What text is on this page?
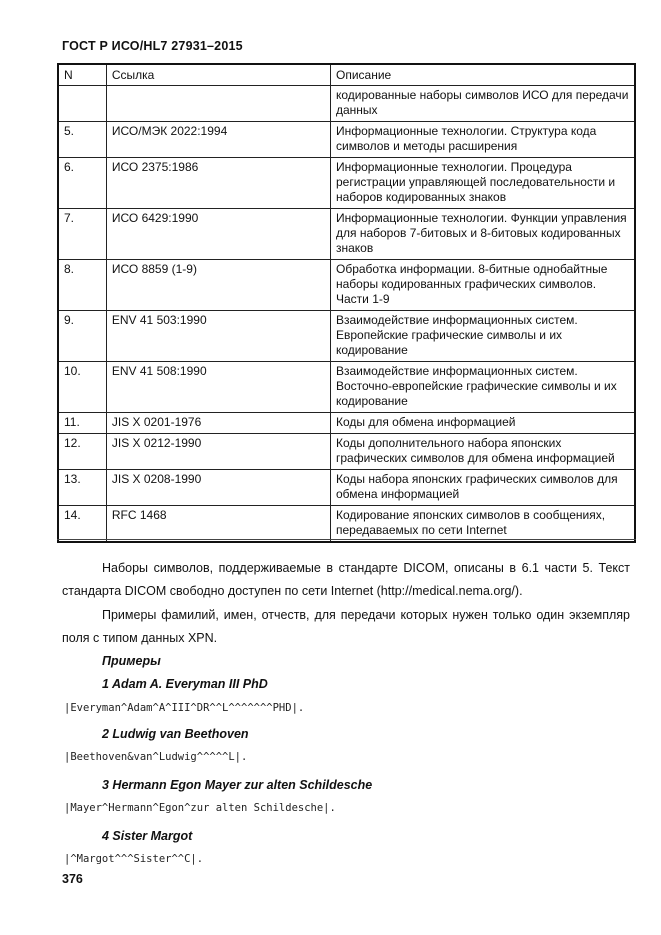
ГОСТ Р ИСО/HL7 27931–2015
N	Ссылка	Описание
		кодированные наборы символов ИСО для передачи данных
5.	ИСО/МЭК 2022:1994	Информационные технологии. Структура кода символов и методы расширения
6.	ИСО 2375:1986	Информационные технологии. Процедура регистрации управляющей последовательности и наборов кодированных знаков
7.	ИСО 6429:1990	Информационные технологии. Функции управления для наборов 7-битовых и 8-битовых кодированных знаков
8.	ИСО 8859 (1-9)	Обработка информации. 8-битные однобайтные наборы кодированных графических символов. Части 1-9
9.	ENV 41 503:1990	Взаимодействие информационных систем. Европейские графические символы и их кодирование
10.	ENV 41 508:1990	Взаимодействие информационных систем. Восточно-европейские графические символы и их кодирование
11.	JIS X 0201-1976	Коды для обмена информацией
12.	JIS X 0212-1990	Коды дополнительного набора японских графических символов для обмена информацией
13.	JIS X 0208-1990	Коды набора японских графических символов для обмена информацией
14.	RFC 1468	Кодирование японских символов в сообщениях, передаваемых по сети Internet
Наборы символов, поддерживаемые в стандарте DICOM, описаны в 6.1 части 5. Текст стандарта DICOM свободно доступен по сети Internet (http://medical.nema.org/).
Примеры фамилий, имен, отчеств, для передачи которых нужен только один экземпляр поля с типом данных XPN.
Примеры
1 Adam A. Everyman III PhD
|Everyman^Adam^A^III^DR^^L^^^^^^^PHD|.
2 Ludwig van Beethoven
|Beethoven&van^Ludwig^^^^^L|.
3 Hermann Egon Mayer zur alten Schildesche
|Mayer^Hermann^Egon^zur alten Schildesche|.
4 Sister Margot
|^Margot^^^Sister^^C|.
376
